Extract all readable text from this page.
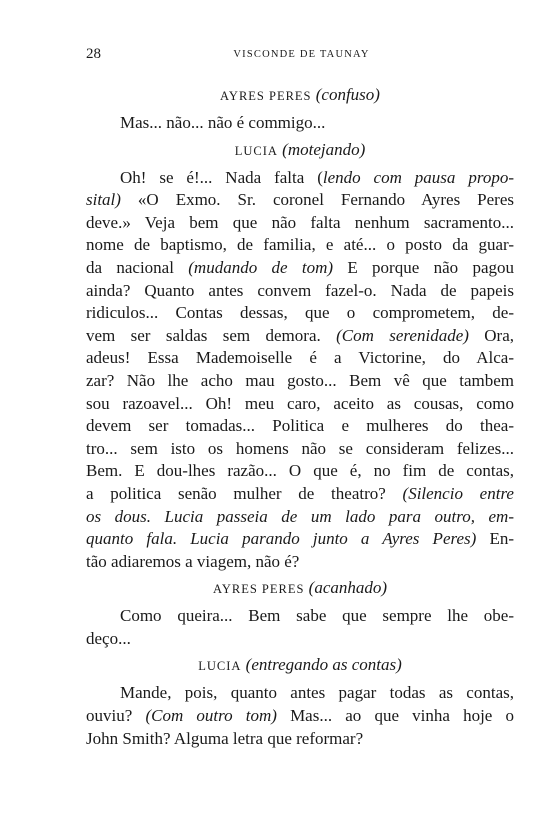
28	VISCONDE DE TAUNAY
AYRES PERES (confuso)
Mas... não... não é commigo...
LUCIA (motejando)
Oh! se é!... Nada falta (lendo com pausa propo-
sital) «O Exmo. Sr. coronel Fernando Ayres Peres
deve.» Veja bem que não falta nenhum sacramento...
nome de baptismo, de familia, e até... o posto da guar-
da nacional (mudando de tom) E porque não pagou
ainda? Quanto antes convem fazel-o. Nada de papeis
ridiculos... Contas dessas, que o comprometem, de-
vem ser saldas sem demora. (Com serenidade) Ora,
adeus! Essa Mademoiselle é a Victorine, do Alca-
zar? Não lhe acho mau gosto... Bem vê que tambem
sou razoavel... Oh! meu caro, aceito as cousas, como
devem ser tomadas... Politica e mulheres do thea-
tro... sem isto os homens não se consideram felizes...
Bem. E dou-lhes razão... O que é, no fim de contas,
a politica senão mulher de theatro? (Silencio entre
os dous. Lucia passeia de um lado para outro, em-
quanto fala. Lucia parando junto a Ayres Peres) En-
tão adiaremos a viagem, não é?
AYRES PERES (acanhado)
Como queira... Bem sabe que sempre lhe obe-
deço...
LUCIA (entregando as contas)
Mande, pois, quanto antes pagar todas as contas,
ouviu? (Com outro tom) Mas... ao que vinha hoje o
John Smith? Alguma letra que reformar?
